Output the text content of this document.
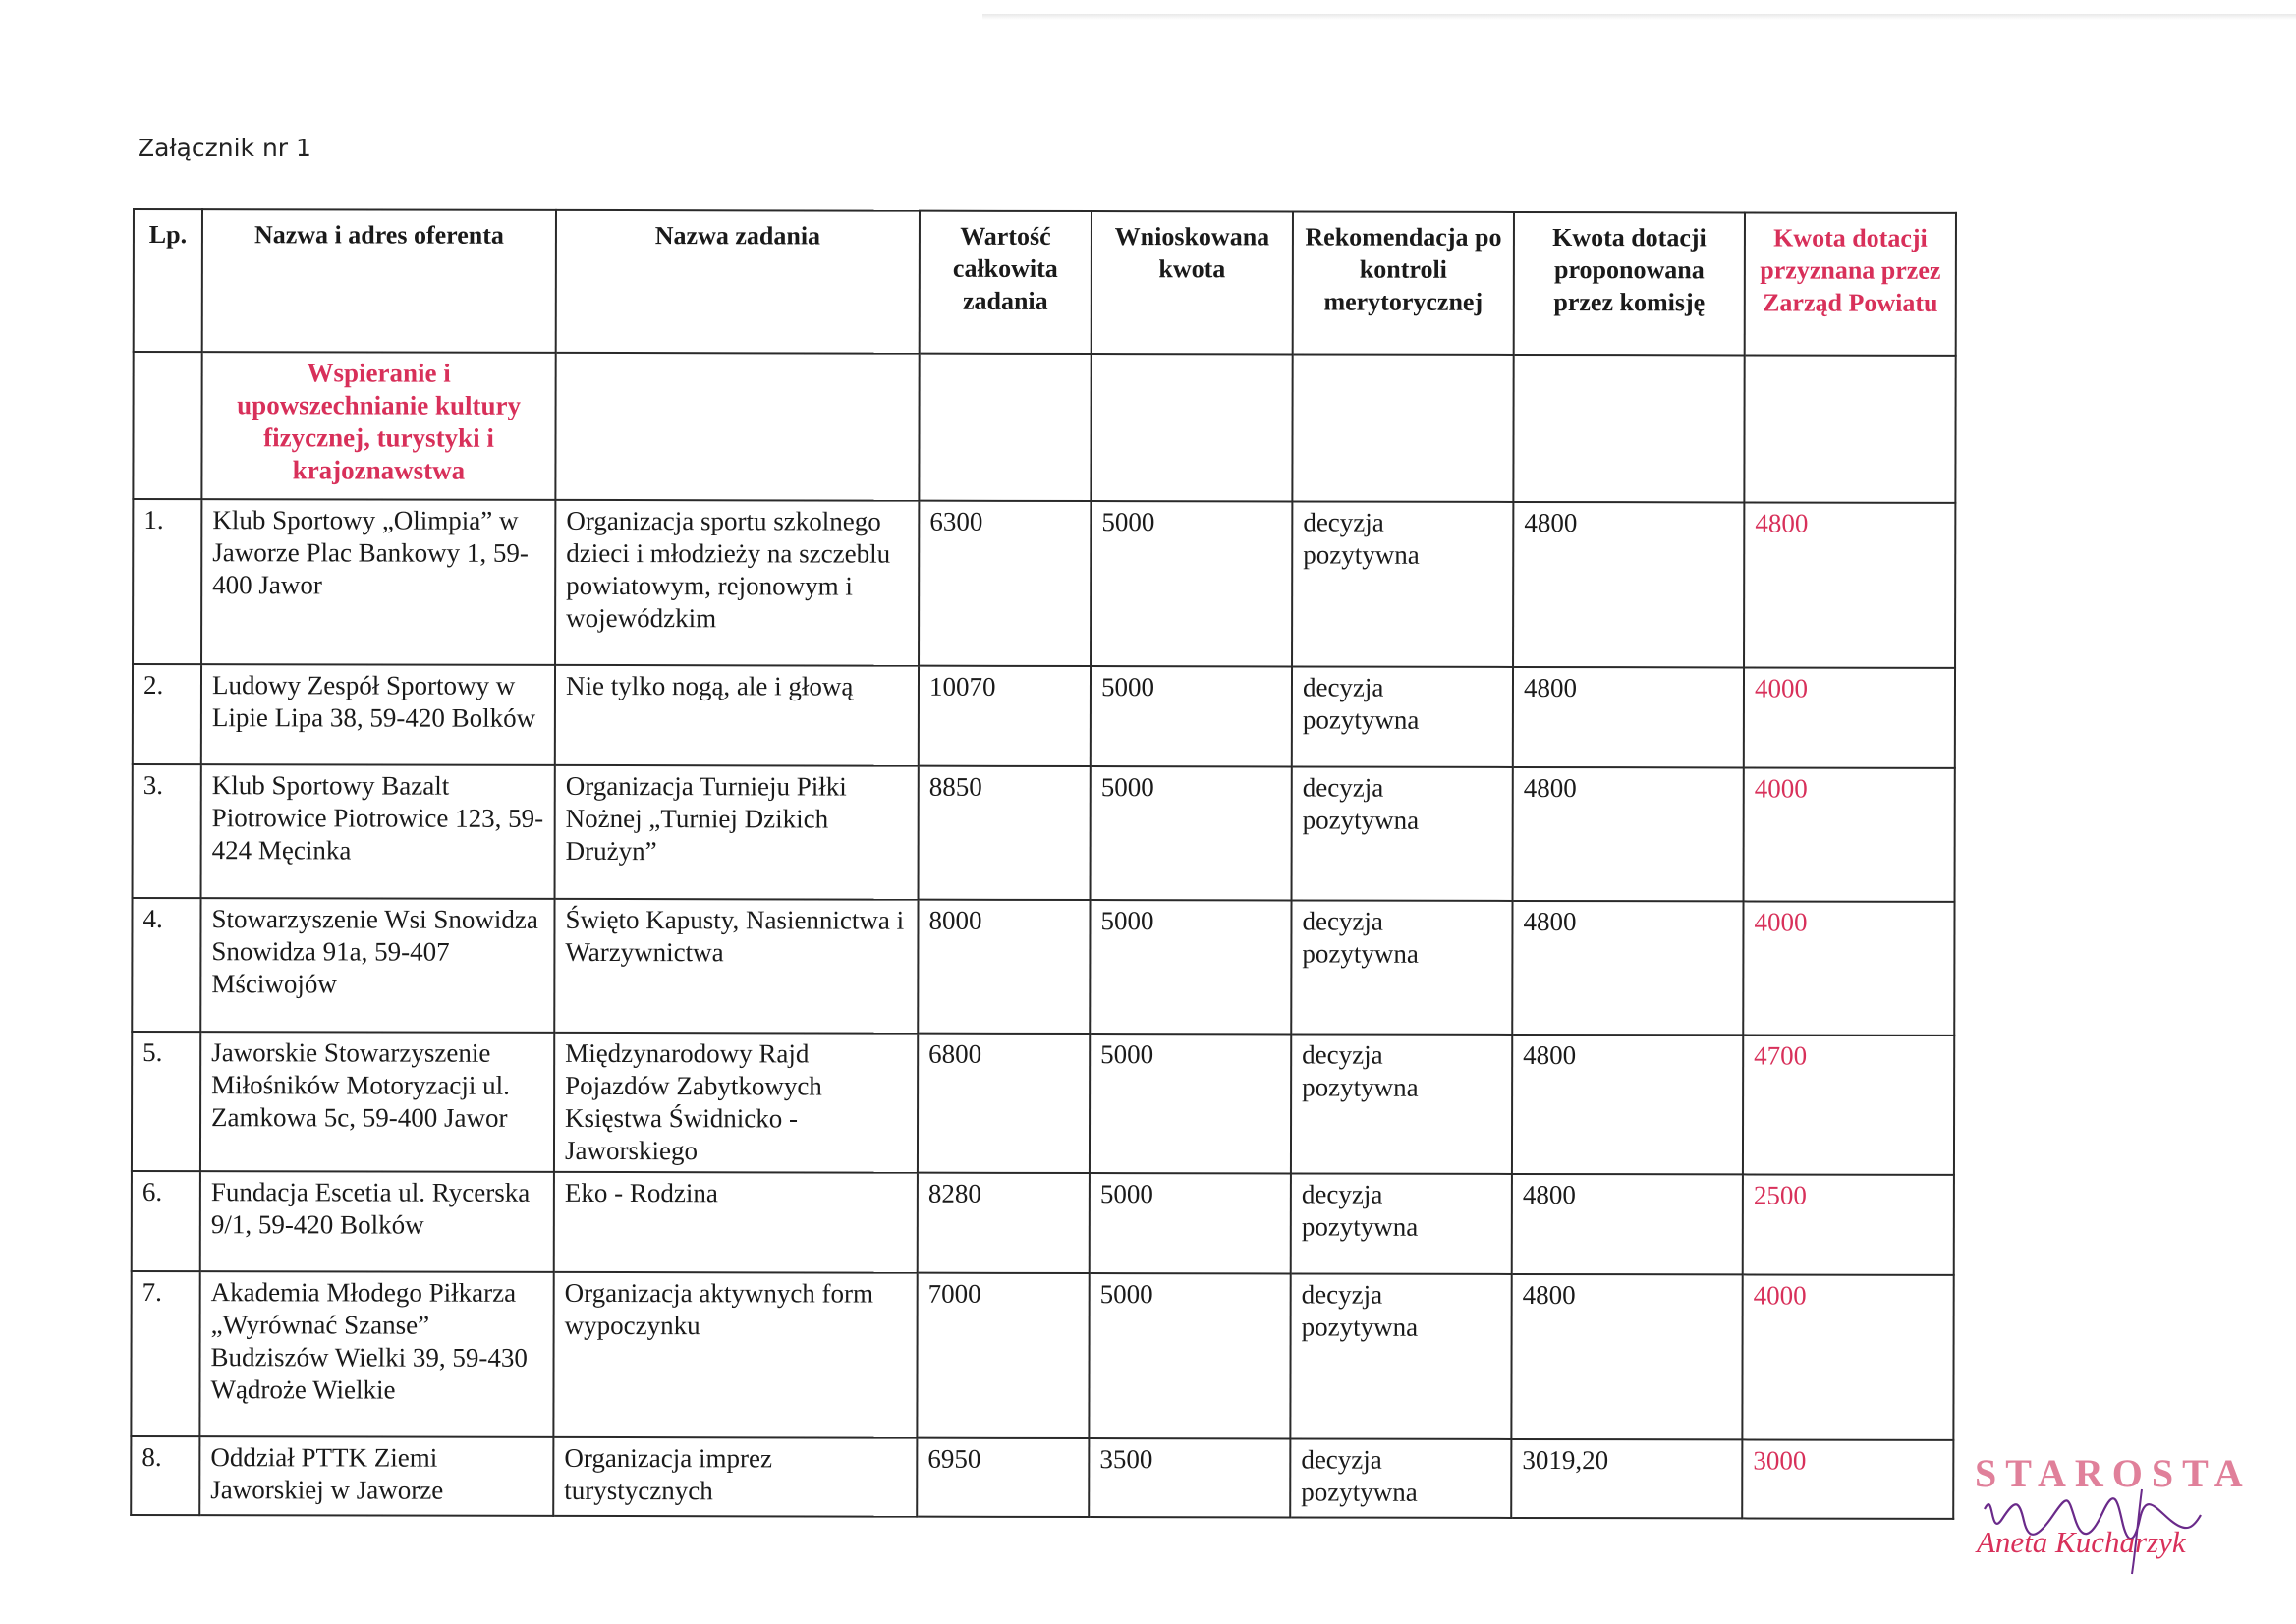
Załącznik nr 1
Lp.	Nazwa i adres oferenta	Nazwa zadania	Wartość całkowita zadania	Wnioskowana kwota	Rekomendacja po kontroli merytorycznej	Kwota dotacji proponowana przez komisję	Kwota dotacji przyznana przez Zarząd Powiatu
	Wspieranie i upowszechnianie kultury fizycznej, turystyki i krajoznawstwa						
1.	Klub Sportowy „Olimpia” w Jaworze Plac Bankowy 1, 59-400 Jawor	Organizacja sportu szkolnego dzieci i młodzieży na szczeblu powiatowym, rejonowym i wojewódzkim	6300	5000	decyzja pozytywna	4800	4800
2.	Ludowy Zespół Sportowy w Lipie Lipa 38, 59-420 Bolków	Nie tylko nogą, ale i głową	10070	5000	decyzja pozytywna	4800	4000
3.	Klub Sportowy Bazalt Piotrowice Piotrowice 123, 59-424 Męcinka	Organizacja Turnieju Piłki Nożnej „Turniej Dzikich Drużyn”	8850	5000	decyzja pozytywna	4800	4000
4.	Stowarzyszenie Wsi Snowidza Snowidza 91a, 59-407 Mściwojów	Święto Kapusty, Nasiennictwa i Warzywnictwa	8000	5000	decyzja pozytywna	4800	4000
5.	Jaworskie Stowarzyszenie Miłośników Motoryzacji ul. Zamkowa 5c, 59-400 Jawor	Międzynarodowy Rajd Pojazdów Zabytkowych Księstwa Świdnicko - Jaworskiego	6800	5000	decyzja pozytywna	4800	4700
6.	Fundacja Escetia ul. Rycerska 9/1, 59-420 Bolków	Eko - Rodzina	8280	5000	decyzja pozytywna	4800	2500
7.	Akademia Młodego Piłkarza „Wyrównać Szanse” Budziszów Wielki 39, 59-430 Wądroże Wielkie	Organizacja aktywnych form wypoczynku	7000	5000	decyzja pozytywna	4800	4000
8.	Oddział PTTK Ziemi Jaworskiej w Jaworze	Organizacja imprez turystycznych	6950	3500	decyzja pozytywna	3019,20	3000	STAROSTA
Aneta Kucharzyk
